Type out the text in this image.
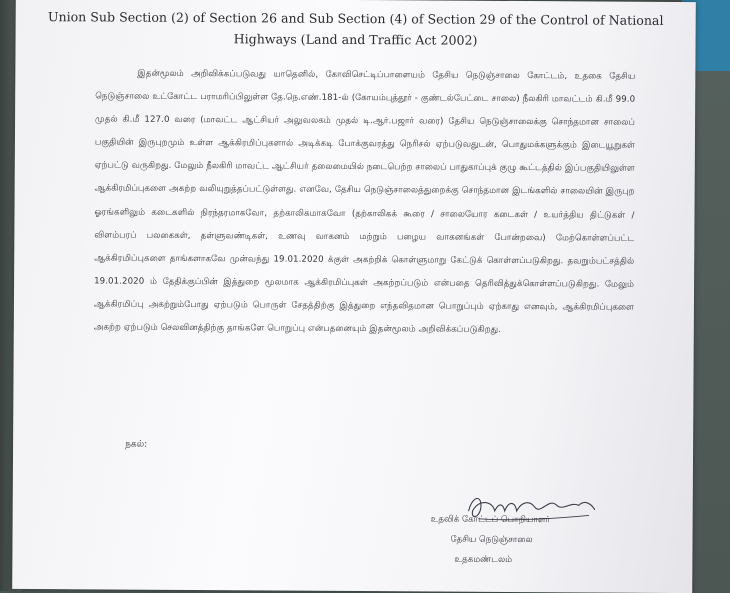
Union Sub Section (2) of Section 26 and Sub Section (4) of Section 29 of the Control of National
Highways (Land and Traffic Act 2002)
இதன்மூலம் அறிவிக்கப்படுவது யாதெனில், கோவிசெட்டிப்பாளையம் தேசிய நெடுஞ்சாலை கோட்டம், உதகை தேசிய நெடுஞ்சாலை உட்கோட்ட பராமரிப்பிலுள்ள தே.நெ.எண்.181-ல் (கோயம்புத்தூர் - குண்டல்பேட்டை சாலை) நீலகிரி மாவட்டம் கி.மீ 99.0 முதல் கி.மீ 127.0 வரை (மாவட்ட ஆட்சியர் அலுவலகம் முதல் டி.ஆர்.பஜார் வரை) தேசிய நெடுஞ்சாலைக்கு சொந்தமான சாலைப் பகுதியின் இருபுறமும் உள்ள ஆக்கிரமிப்புகளால் அடிக்கடி போக்குவரத்து நெரிசல் ஏற்படுவதுடன், பொதுமக்களுக்கும் இடையூறுகள் ஏற்பட்டு வருகிறது. மேலும் நீலகிரி மாவட்ட ஆட்சியர் தலைமையில் நடைபெற்ற சாலைப் பாதுகாப்புக் குழு கூட்டத்தில் இப்பகுதியிலுள்ள ஆக்கிரமிப்புகளை அகற்ற வலியுறுத்தப்பட்டுள்ளது. எனவே, தேசிய நெடுஞ்சாலைத்துறைக்கு சொந்தமான இடங்களில் சாலையின் இருபுற ஓரங்களிலும் கடைகளில் நிரந்தரமாகவோ, தற்காலிகமாகவோ (தற்காலிகக் கூரை / சாலையோர கடைகள் / உயர்த்திய திட்டுகள் / விளம்பரப் பலகைகள், தள்ளுவண்டிகள், உணவு வாகனம் மற்றும் பழைய வாகனங்கள் போன்றவை) மேற்கொள்ளப்பட்ட ஆக்கிரமிப்புகளை தாங்களாகவே முன்வந்து 19.01.2020 க்குள் அகற்றிக் கொள்ளுமாறு கேட்டுக் கொள்ளப்படுகிறது. தவறும்பட்சத்தில் 19.01.2020 ம் தேதிக்குப்பின் இத்துறை மூலமாக ஆக்கிரமிப்புகள் அகற்றப்படும் என்பதை தெரிவித்துக்கொள்ளப்படுகிறது. மேலும் ஆக்கிரமிப்பு அகற்றும்போது ஏற்படும் பொருள் சேதத்திற்கு இத்துறை எந்தவிதமான பொறுப்பும் ஏற்காது எனவும், ஆக்கிரமிப்புகளை அகற்ற ஏற்படும் செலவினத்திற்கு தாங்களே பொறுப்பு என்பதனையும் இதன்மூலம் அறிவிக்கப்படுகிறது.
நகல்:
உதவிக் கோட்டப் பொறியாளர்
தேசிய நெடுஞ்சாலை
உதகமண்டலம்
